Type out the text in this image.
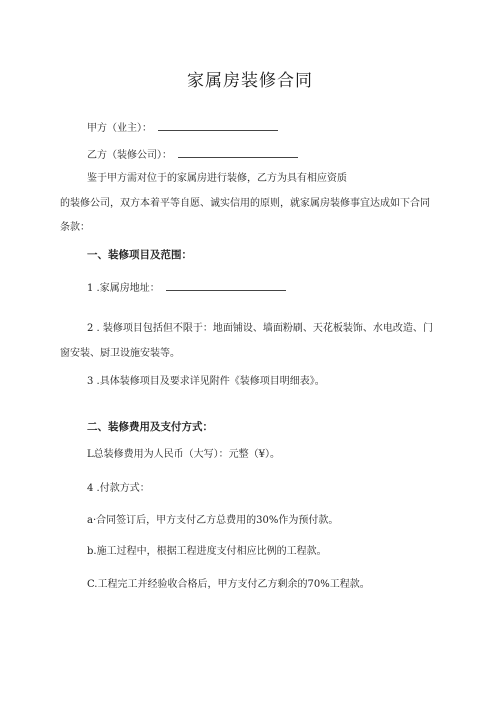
家属房装修合同
甲方（业主）：
乙方（装修公司）：
鉴于甲方需对位于的家属房进行装修，乙方为具有相应资质
的装修公司，双方本着平等自愿、诚实信用的原则，就家属房装修事宜达成如下合同
条款：
一、装修项目及范围：
1 .家属房地址：
2 . 装修项目包括但不限于：地面铺设、墙面粉刷、天花板装饰、水电改造、门
窗安装、厨卫设施安装等。
3 .具体装修项目及要求详见附件《装修项目明细表》。
二、装修费用及支付方式：
L总装修费用为人民币（大写）：元整（¥）。
4 .付款方式：
a·合同签订后，甲方支付乙方总费用的30%作为预付款。
b.施工过程中，根据工程进度支付相应比例的工程款。
C.工程完工并经验收合格后，甲方支付乙方剩余的70%工程款。
